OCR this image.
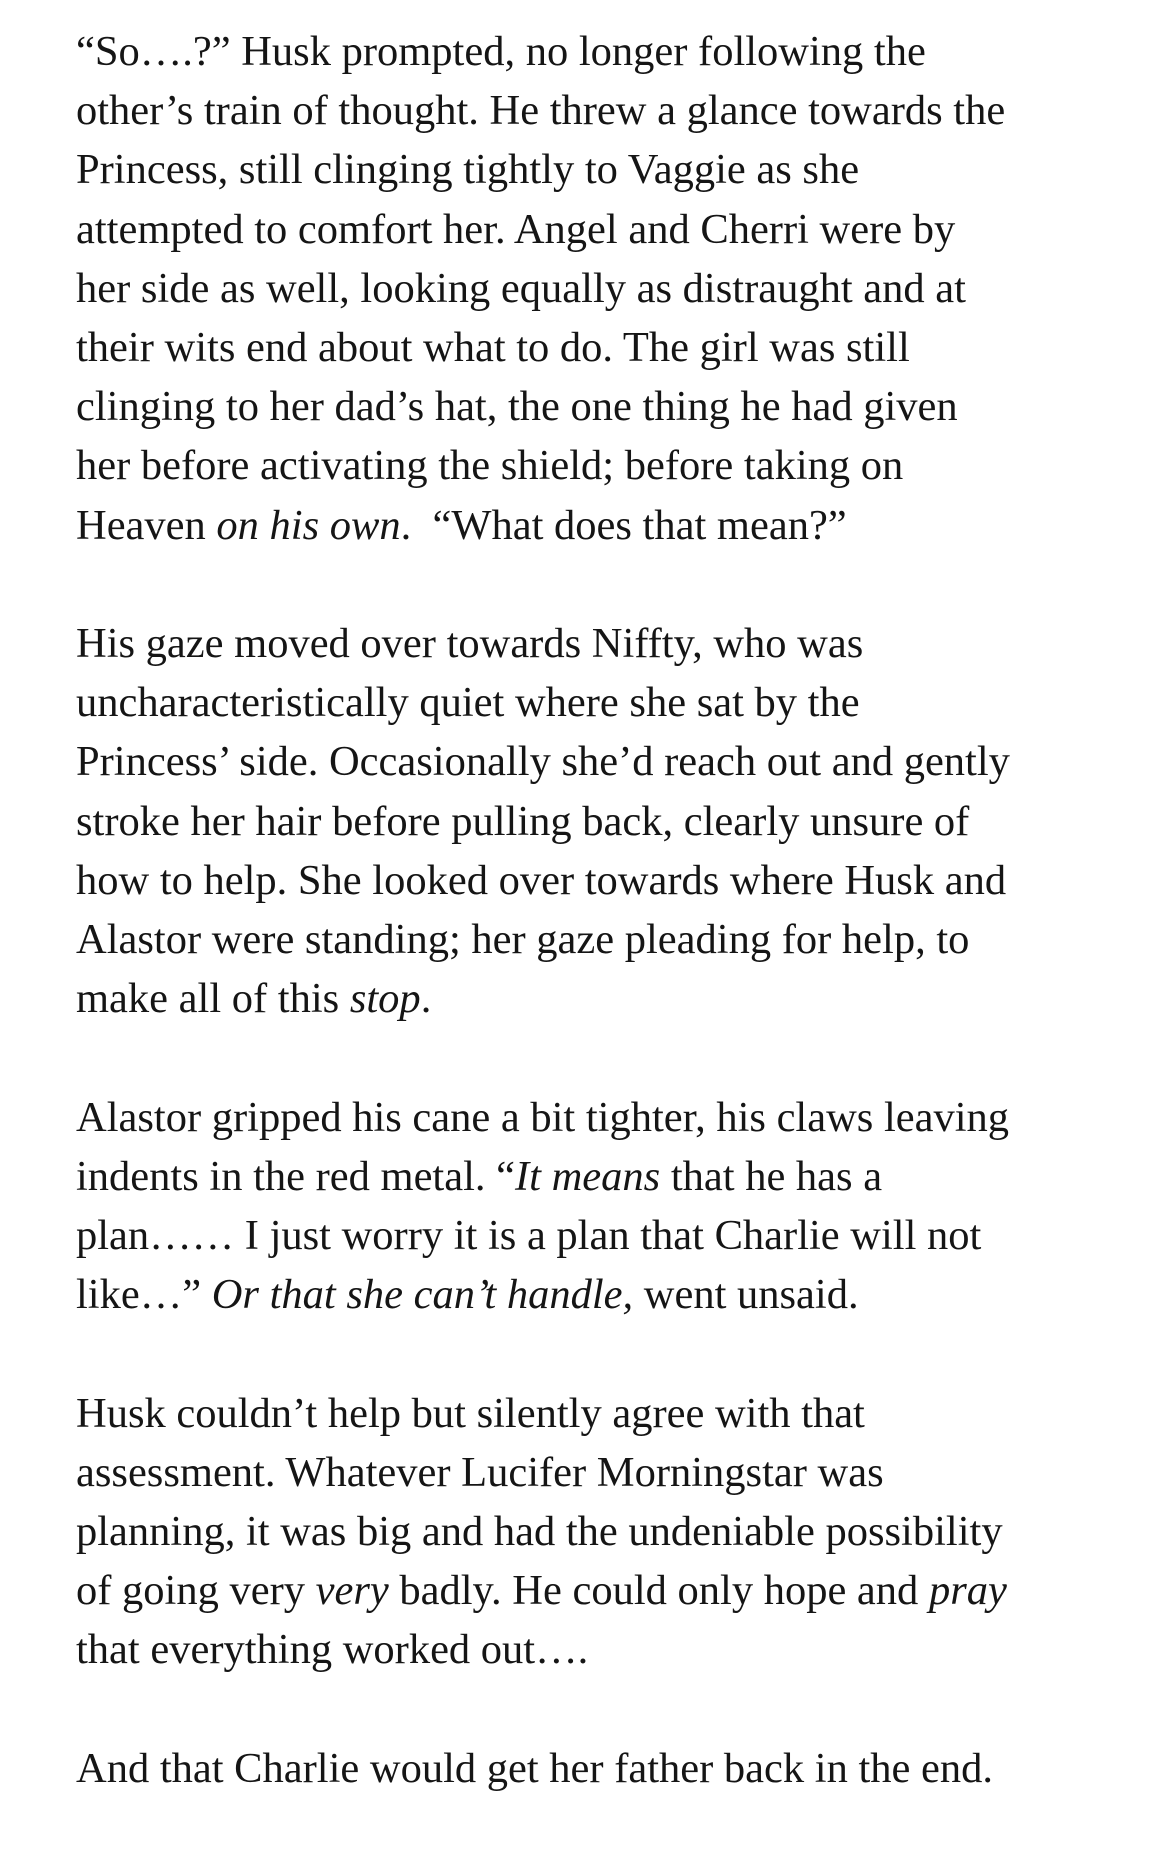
“So….?” Husk prompted, no longer following the
other’s train of thought. He threw a glance towards the
Princess, still clinging tightly to Vaggie as she
attempted to comfort her. Angel and Cherri were by
her side as well, looking equally as distraught and at
their wits end about what to do. The girl was still
clinging to her dad’s hat, the one thing he had given
her before activating the shield; before taking on
Heaven on his own.  “What does that mean?”

His gaze moved over towards Niffty, who was
uncharacteristically quiet where she sat by the
Princess’ side. Occasionally she’d reach out and gently
stroke her hair before pulling back, clearly unsure of
how to help. She looked over towards where Husk and
Alastor were standing; her gaze pleading for help, to
make all of this stop.

Alastor gripped his cane a bit tighter, his claws leaving
indents in the red metal. “It means that he has a
plan…… I just worry it is a plan that Charlie will not
like…” Or that she can’t handle, went unsaid.

Husk couldn’t help but silently agree with that
assessment. Whatever Lucifer Morningstar was
planning, it was big and had the undeniable possibility
of going very very badly. He could only hope and pray
that everything worked out….

And that Charlie would get her father back in the end.
